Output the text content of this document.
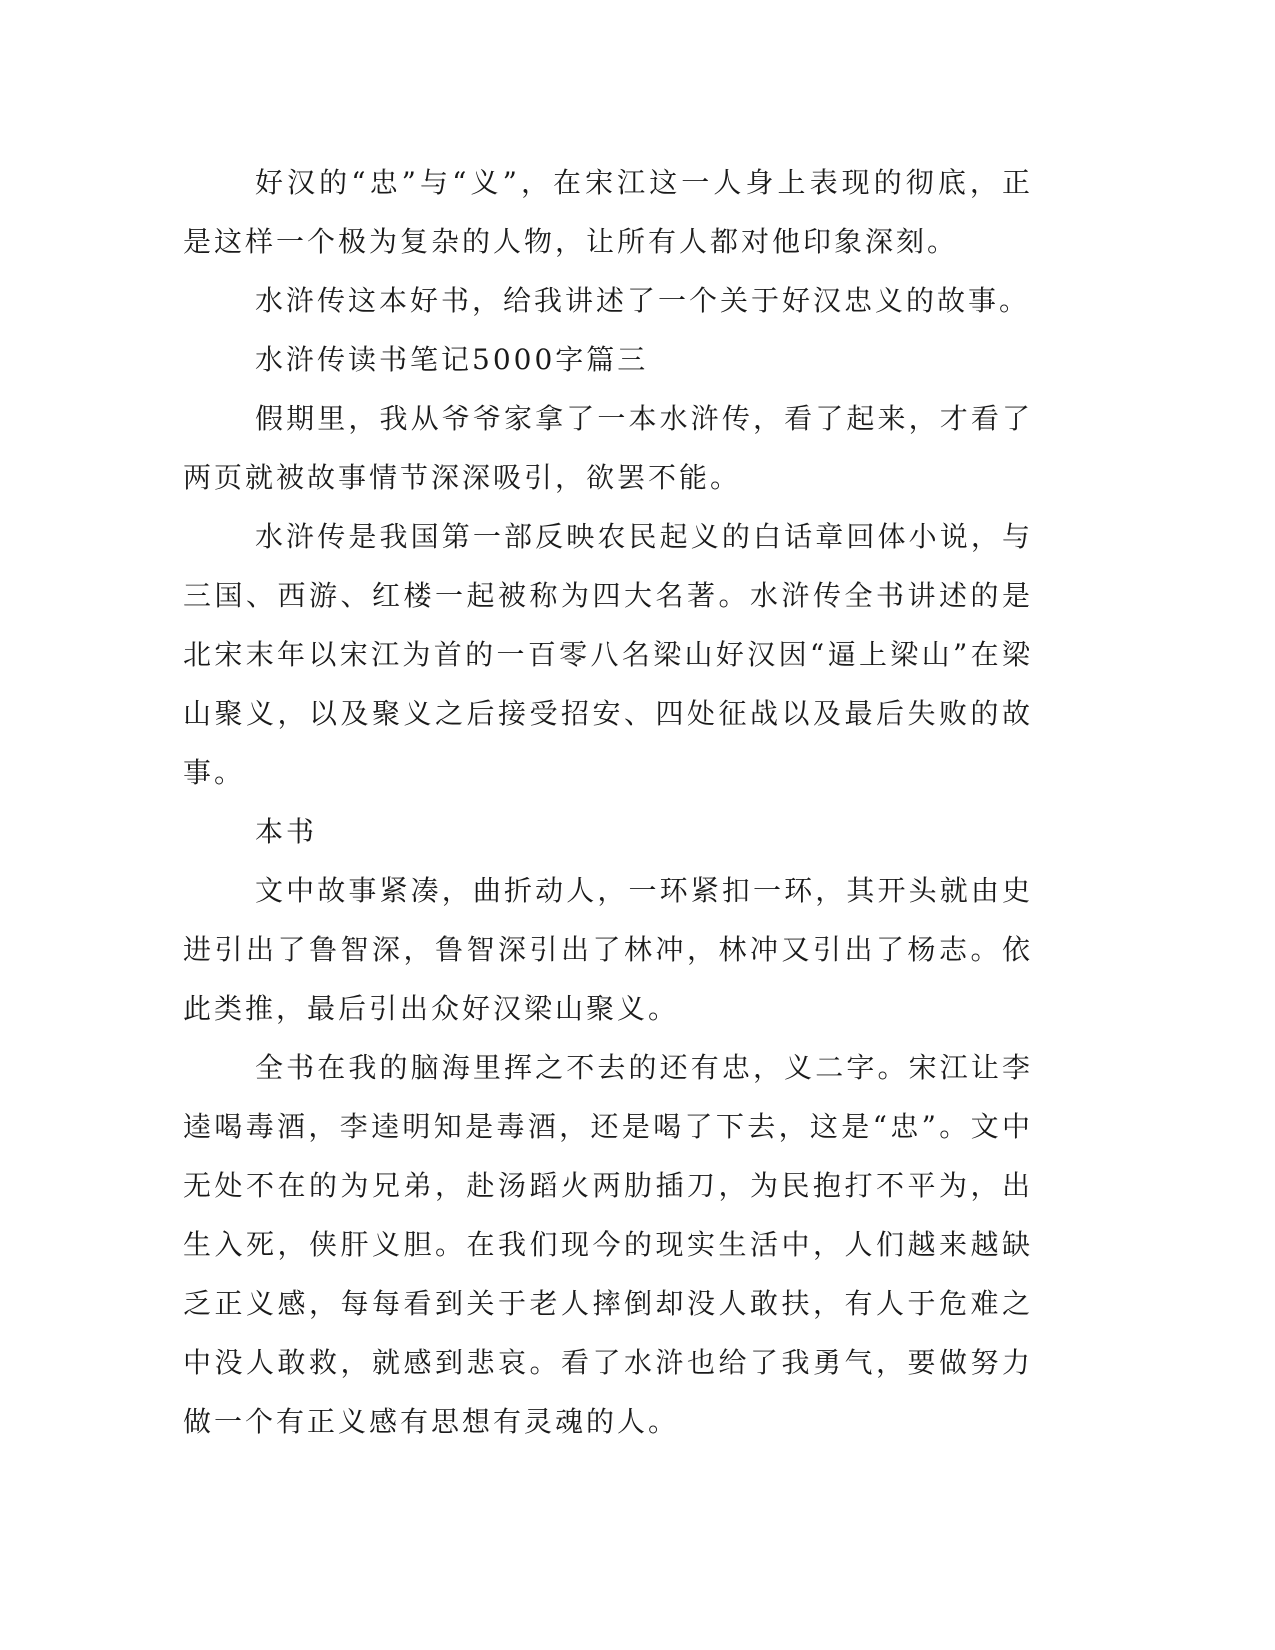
好汉的“忠”与“义”，在宋江这一人身上表现的彻底，正是这样一个极为复杂的人物，让所有人都对他印象深刻。

水浒传这本好书，给我讲述了一个关于好汉忠义的故事。

水浒传读书笔记5000字篇三

假期里，我从爷爷家拿了一本水浒传，看了起来，才看了两页就被故事情节深深吸引，欲罢不能。

水浒传是我国第一部反映农民起义的白话章回体小说，与三国、西游、红楼一起被称为四大名著。水浒传全书讲述的是北宋末年以宋江为首的一百零八名梁山好汉因“逼上梁山”在梁山聚义，以及聚义之后接受招安、四处征战以及最后失败的故事。

本书

文中故事紧凑，曲折动人，一环紧扣一环，其开头就由史进引出了鲁智深，鲁智深引出了林冲，林冲又引出了杨志。依此类推，最后引出众好汉梁山聚义。

全书在我的脑海里挥之不去的还有忠，义二字。宋江让李逵喝毒酒，李逵明知是毒酒，还是喝了下去，这是“忠”。文中无处不在的为兄弟，赴汤蹈火两肋插刀，为民抱打不平为，出生入死，侠肝义胆。在我们现今的现实生活中，人们越来越缺乏正义感，每每看到关于老人摔倒却没人敢扶，有人于危难之中没人敢救，就感到悲哀。看了水浒也给了我勇气，要做努力做一个有正义感有思想有灵魂的人。
